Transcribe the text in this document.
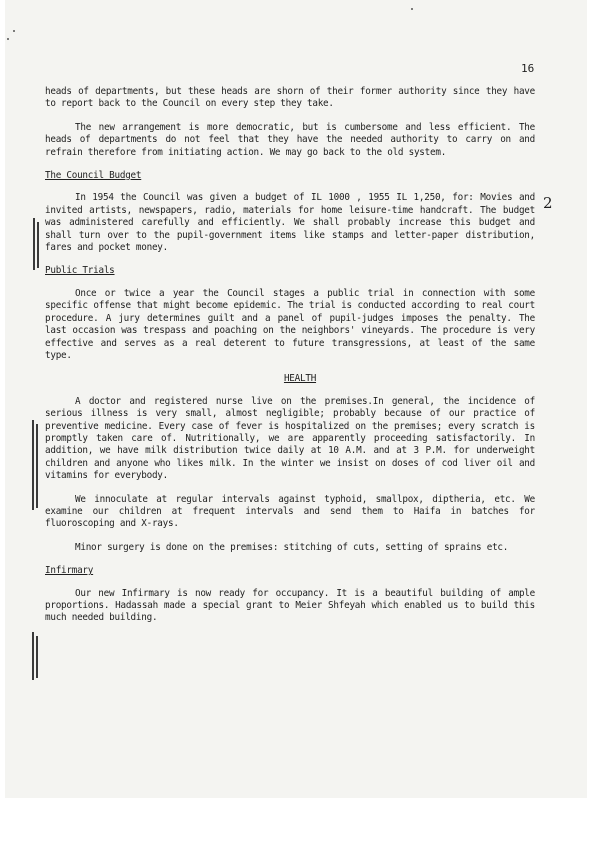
16
2

heads of departments, but these heads are shorn of their former authority since they have to report back to the Council on every step they take.

The new arrangement is more democratic, but is cumbersome and less efficient. The heads of departments do not feel that they have the needed authority to carry on and refrain therefore from initiating action. We may go back to the old system.

The Council Budget

In 1954 the Council was given a budget of IL 1000 , 1955 IL 1,250, for: Movies and invited artists, newspapers, radio, materials for home leisure-time handcraft. The budget was administered carefully and efficiently. We shall probably increase this budget and shall turn over to the pupil-government items like stamps and letter-paper distribution, fares and pocket money.

Public Trials

Once or twice a year the Council stages a public trial in connection with some specific offense that might become epidemic. The trial is conducted according to real court procedure. A jury determines guilt and a panel of pupil-judges imposes the penalty. The last occasion was trespass and poaching on the neighbors' vineyards. The procedure is very effective and serves as a real deterent to future transgressions, at least of the same type.

HEALTH

A doctor and registered nurse live on the premises.In general, the incidence of serious illness is very small, almost negligible; probably because of our practice of preventive medicine. Every case of fever is hospitalized on the premises; every scratch is promptly taken care of. Nutritionally, we are apparently proceeding satisfactorily. In addition, we have milk distribution twice daily at 10 A.M. and at 3 P.M. for underweight children and anyone who likes milk. In the winter we insist on doses of cod liver oil and vitamins for everybody.

We innoculate at regular intervals against typhoid, smallpox, diptheria, etc. We examine our children at frequent intervals and send them to Haifa in batches for fluoroscoping and X-rays.

Minor surgery is done on the premises: stitching of cuts, setting of sprains etc.

Infirmary

Our new Infirmary is now ready for occupancy. It is a beautiful building of ample proportions. Hadassah made a special grant to Meier Shfeyah which enabled us to build this much needed building.
